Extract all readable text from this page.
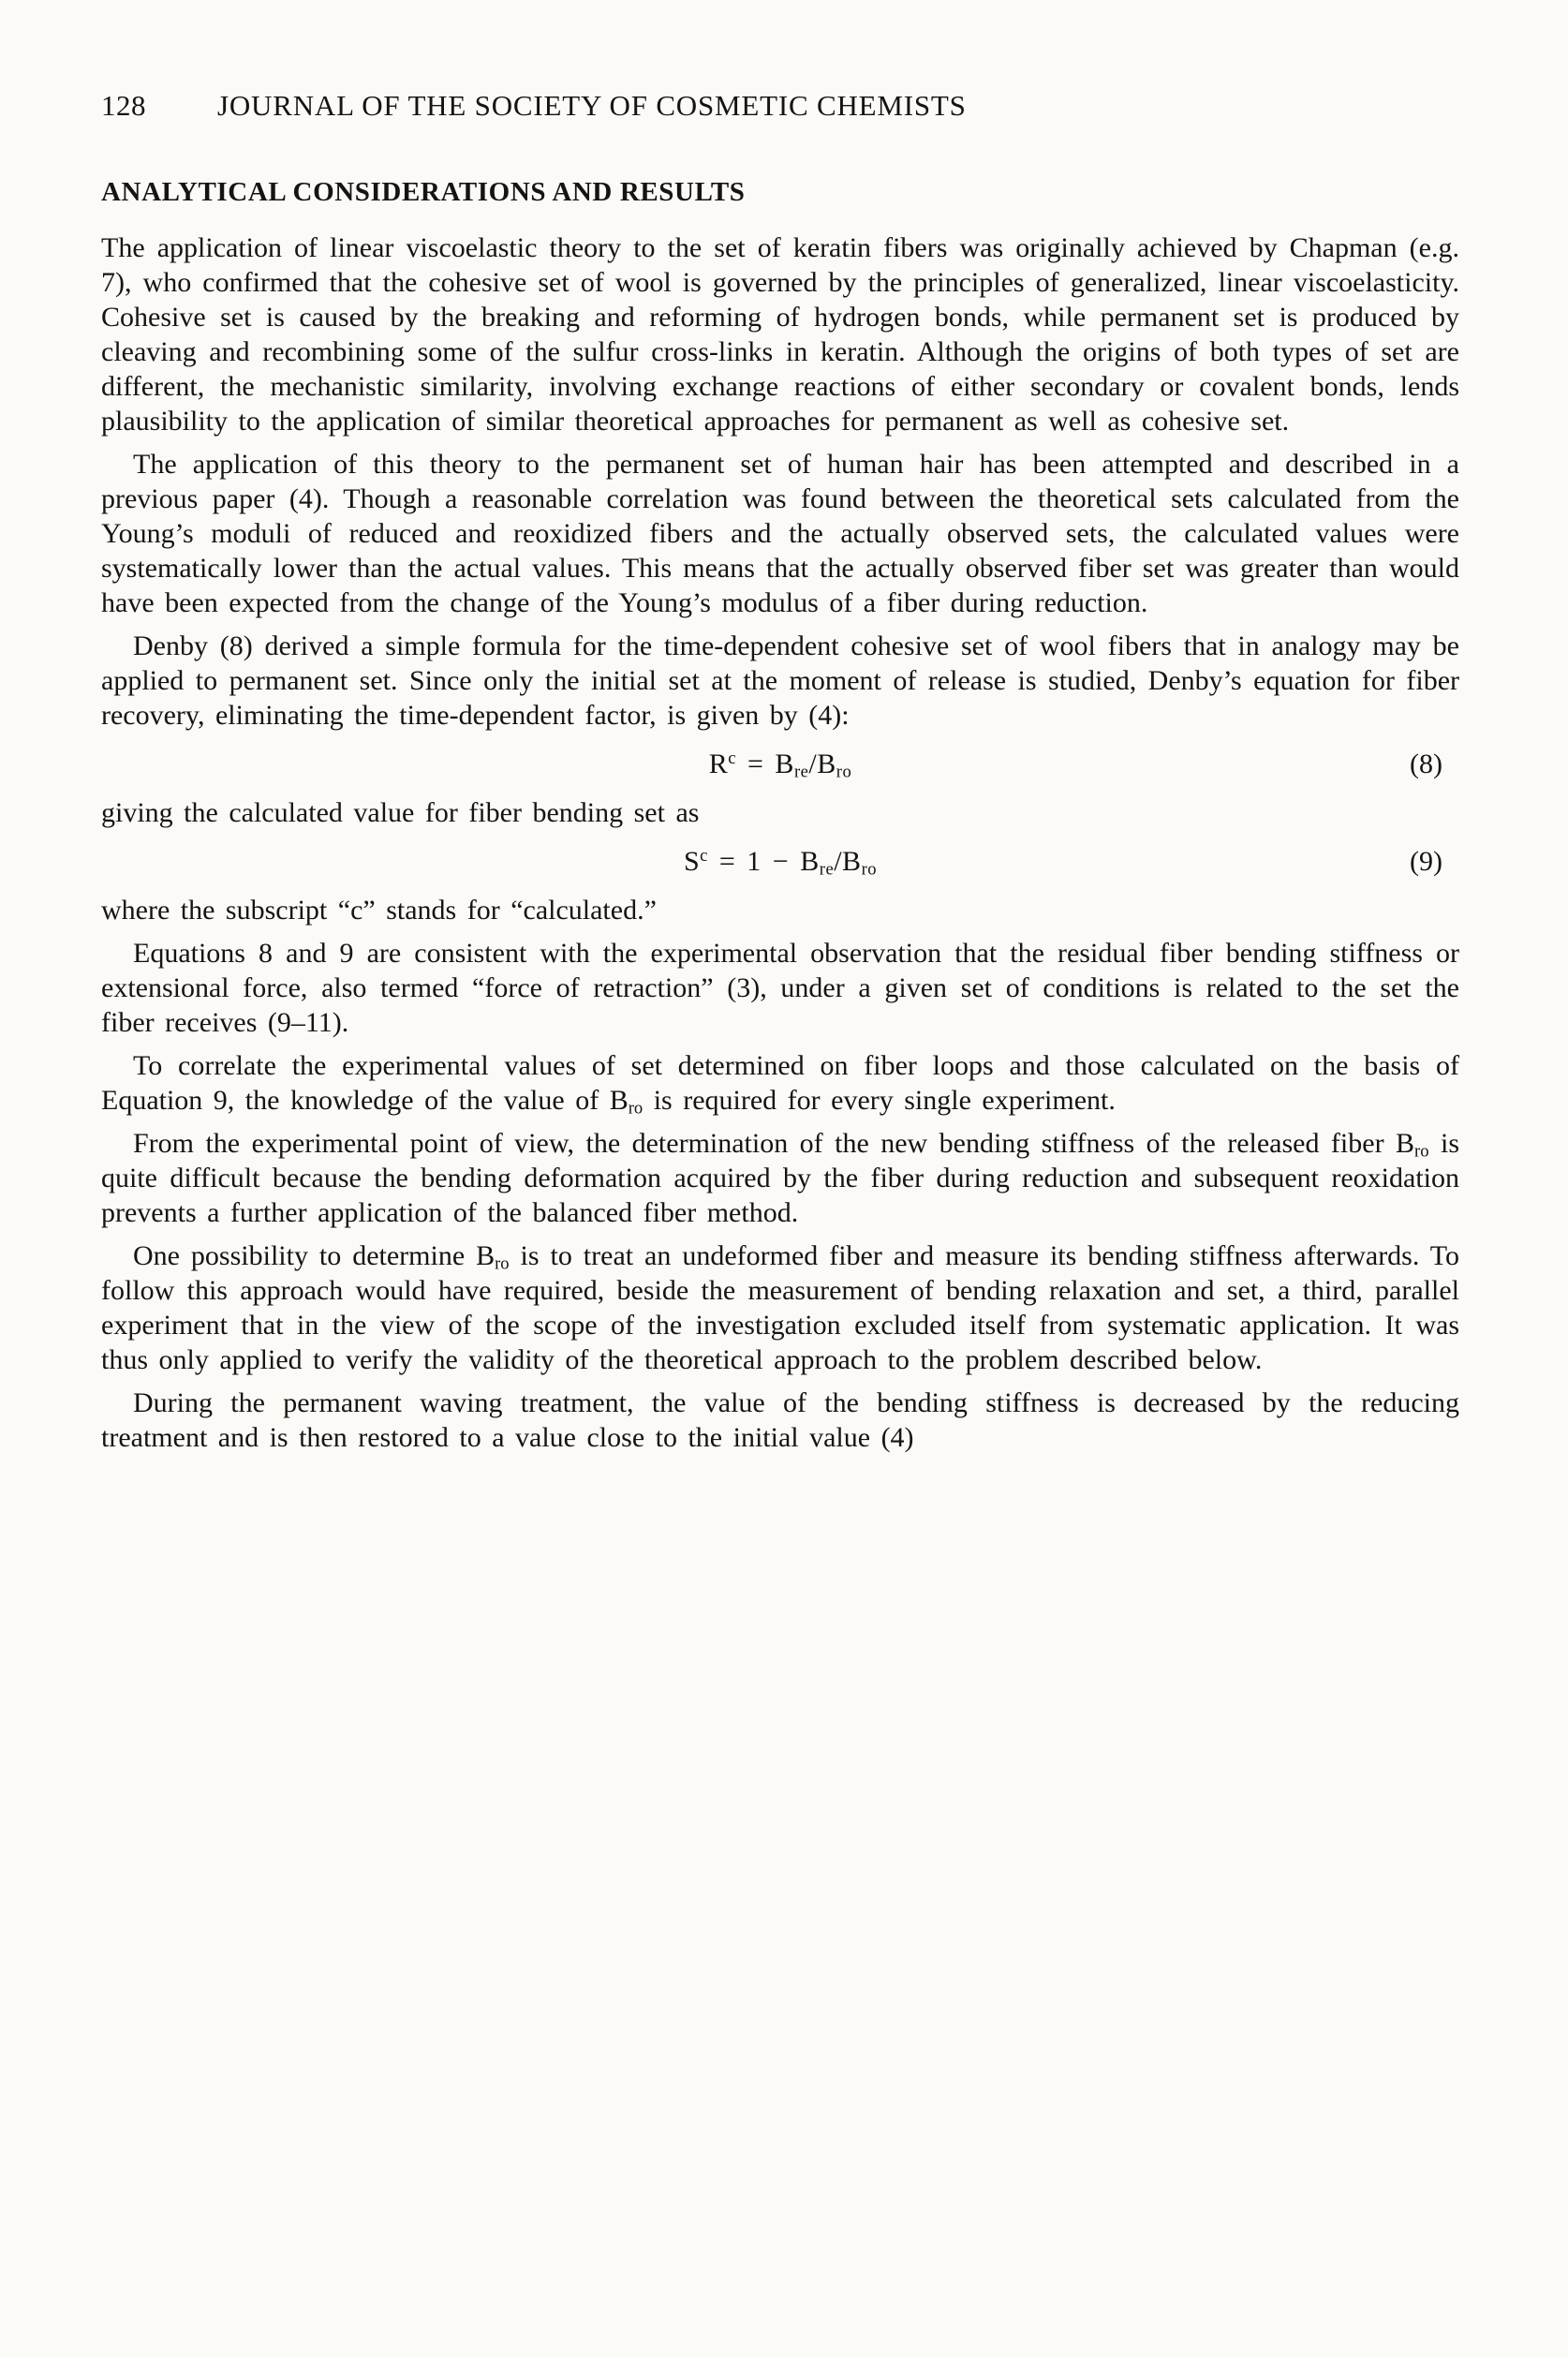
128	JOURNAL OF THE SOCIETY OF COSMETIC CHEMISTS
ANALYTICAL CONSIDERATIONS AND RESULTS

The application of linear viscoelastic theory to the set of keratin fibers was originally achieved by Chapman (e.g. 7), who confirmed that the cohesive set of wool is governed by the principles of generalized, linear viscoelasticity. Cohesive set is caused by the breaking and reforming of hydrogen bonds, while permanent set is produced by cleaving and recombining some of the sulfur cross-links in keratin. Although the origins of both types of set are different, the mechanistic similarity, involving exchange reactions of either secondary or covalent bonds, lends plausibility to the application of similar theoretical approaches for permanent as well as cohesive set.

The application of this theory to the permanent set of human hair has been attempted and described in a previous paper (4). Though a reasonable correlation was found between the theoretical sets calculated from the Young’s moduli of reduced and reoxidized fibers and the actually observed sets, the calculated values were systematically lower than the actual values. This means that the actually observed fiber set was greater than would have been expected from the change of the Young’s modulus of a fiber during reduction.

Denby (8) derived a simple formula for the time-dependent cohesive set of wool fibers that in analogy may be applied to permanent set. Since only the initial set at the moment of release is studied, Denby’s equation for fiber recovery, eliminating the time-dependent factor, is given by (4):

$R^c = B_{re}/B_{ro}$	(8)

giving the calculated value for fiber bending set as

$S^c = 1 - B_{re}/B_{ro}$	(9)

where the subscript “c” stands for “calculated.”

Equations 8 and 9 are consistent with the experimental observation that the residual fiber bending stiffness or extensional force, also termed “force of retraction” (3), under a given set of conditions is related to the set the fiber receives (9–11).

To correlate the experimental values of set determined on fiber loops and those calculated on the basis of Equation 9, the knowledge of the value of $B_{ro}$ is required for every single experiment.

From the experimental point of view, the determination of the new bending stiffness of the released fiber $B_{ro}$ is quite difficult because the bending deformation acquired by the fiber during reduction and subsequent reoxidation prevents a further application of the balanced fiber method.

One possibility to determine $B_{ro}$ is to treat an undeformed fiber and measure its bending stiffness afterwards. To follow this approach would have required, beside the measurement of bending relaxation and set, a third, parallel experiment that in the view of the scope of the investigation excluded itself from systematic application. It was thus only applied to verify the validity of the theoretical approach to the problem described below.

During the permanent waving treatment, the value of the bending stiffness is decreased by the reducing treatment and is then restored to a value close to the initial value (4)
